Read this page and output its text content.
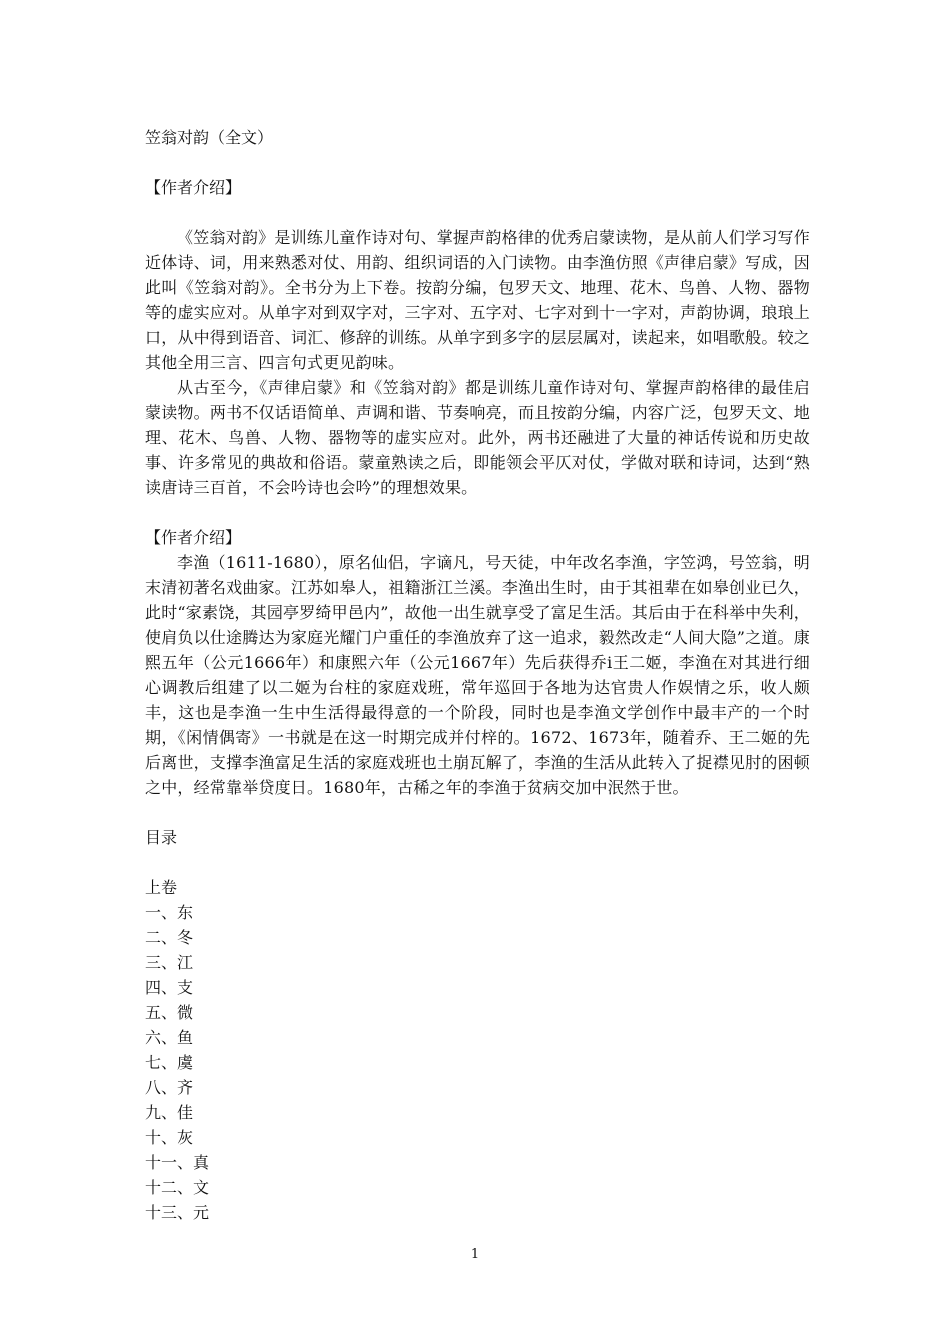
笠翁对韵（全文）

【作者介绍】

《笠翁对韵》是训练儿童作诗对句、掌握声韵格律的优秀启蒙读物，是从前人们学习写作近体诗、词，用来熟悉对仗、用韵、组织词语的入门读物。由李渔仿照《声律启蒙》写成，因此叫《笠翁对韵》。全书分为上下卷。按韵分编，包罗天文、地理、花木、鸟兽、人物、器物等的虚实应对。从单字对到双字对，三字对、五字对、七字对到十一字对，声韵协调，琅琅上口，从中得到语音、词汇、修辞的训练。从单字到多字的层层属对，读起来，如唱歌般。较之其他全用三言、四言句式更见韵味。

从古至今，《声律启蒙》和《笠翁对韵》都是训练儿童作诗对句、掌握声韵格律的最佳启蒙读物。两书不仅话语简单、声调和谐、节奏响亮，而且按韵分编，内容广泛，包罗天文、地理、花木、鸟兽、人物、器物等的虚实应对。此外，两书还融进了大量的神话传说和历史故事、许多常见的典故和俗语。蒙童熟读之后，即能领会平仄对仗，学做对联和诗词，达到“熟读唐诗三百首，不会吟诗也会吟”的理想效果。

【作者介绍】

李渔（1611-1680），原名仙侣，字谪凡，号天徒，中年改名李渔，字笠鸿，号笠翁，明末清初著名戏曲家。江苏如皋人，祖籍浙江兰溪。李渔出生时，由于其祖辈在如皋创业已久，此时“家素饶，其园亭罗绮甲邑内”，故他一出生就享受了富足生活。其后由于在科举中失利，使肩负以仕途腾达为家庭光耀门户重任的李渔放弃了这一追求，毅然改走“人间大隐”之道。康熙五年（公元1666年）和康熙六年（公元1667年）先后获得乔i王二姬，李渔在对其进行细心调教后组建了以二姬为台柱的家庭戏班，常年巡回于各地为达官贵人作娱情之乐，收人颇丰，这也是李渔一生中生活得最得意的一个阶段，同时也是李渔文学创作中最丰产的一个时期，《闲情偶寄》一书就是在这一时期完成并付梓的。1672、1673年，随着乔、王二姬的先后离世，支撑李渔富足生活的家庭戏班也土崩瓦解了，李渔的生活从此转入了捉襟见肘的困顿之中，经常靠举贷度日。1680年，古稀之年的李渔于贫病交加中泯然于世。

目录

上卷

一、东

二、冬

三、江

四、支

五、微

六、鱼

七、虞

八、齐

九、佳

十、灰

十一、真

十二、文

十三、元

1
